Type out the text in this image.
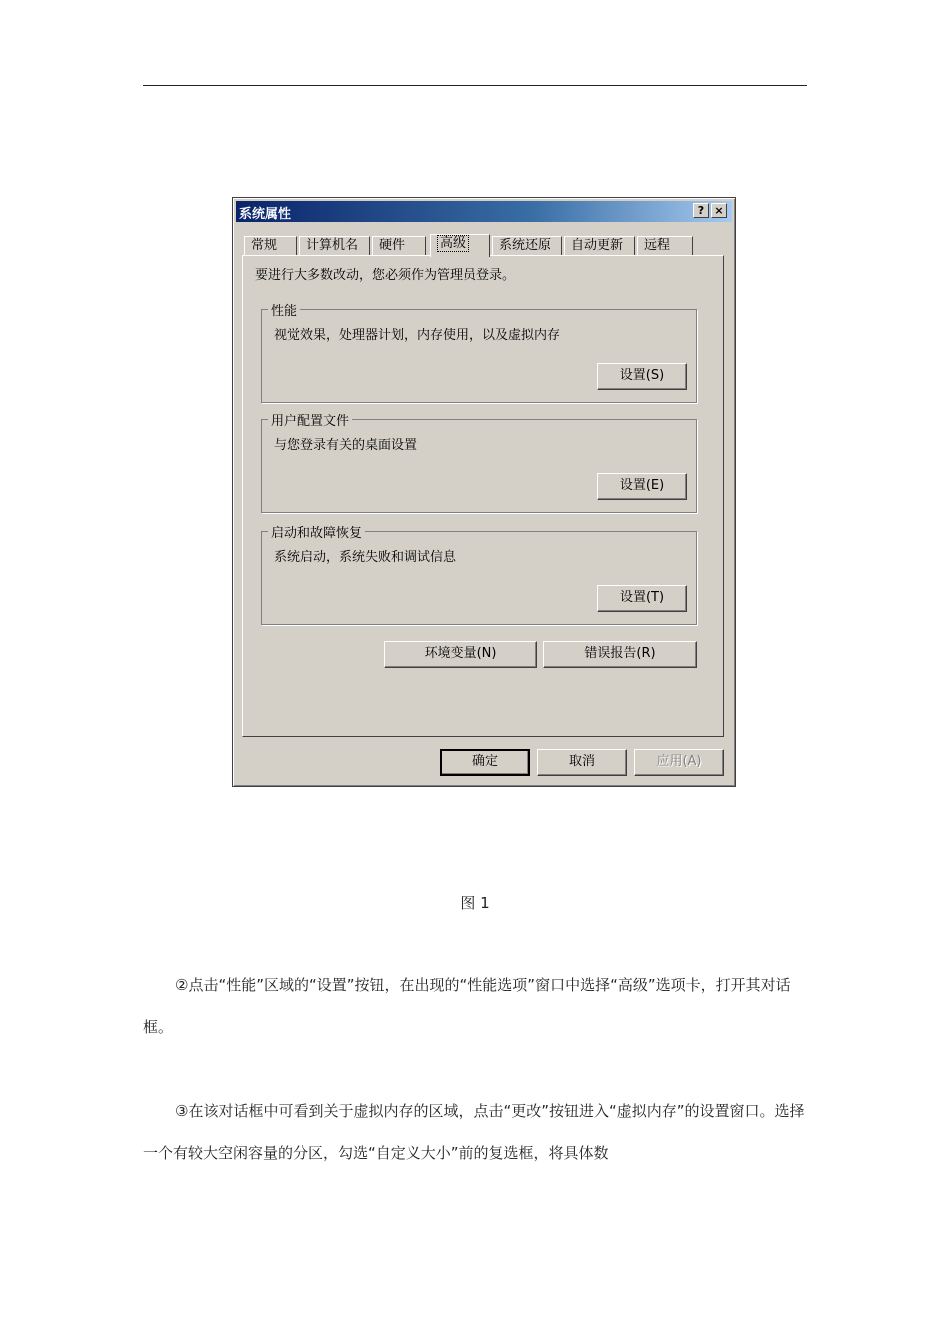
系统属性	? ×
常规	计算机名	硬件	高级	系统还原	自动更新	远程
要进行大多数改动，您必须作为管理员登录。
性能
视觉效果，处理器计划，内存使用，以及虚拟内存
设置(S)
用户配置文件
与您登录有关的桌面设置
设置(E)
启动和故障恢复
系统启动，系统失败和调试信息
设置(T)
环境变量(N)	错误报告(R)
确定	取消	应用(A)
图 1
②点击“性能”区域的“设置”按钮，在出现的“性能选项”窗口中选择“高级”选项卡，打开其对话框。
③在该对话框中可看到关于虚拟内存的区域，点击“更改”按钮进入“虚拟内存”的设置窗口。选择一个有较大空闲容量的分区，勾选“自定义大小”前的复选框，将具体数
